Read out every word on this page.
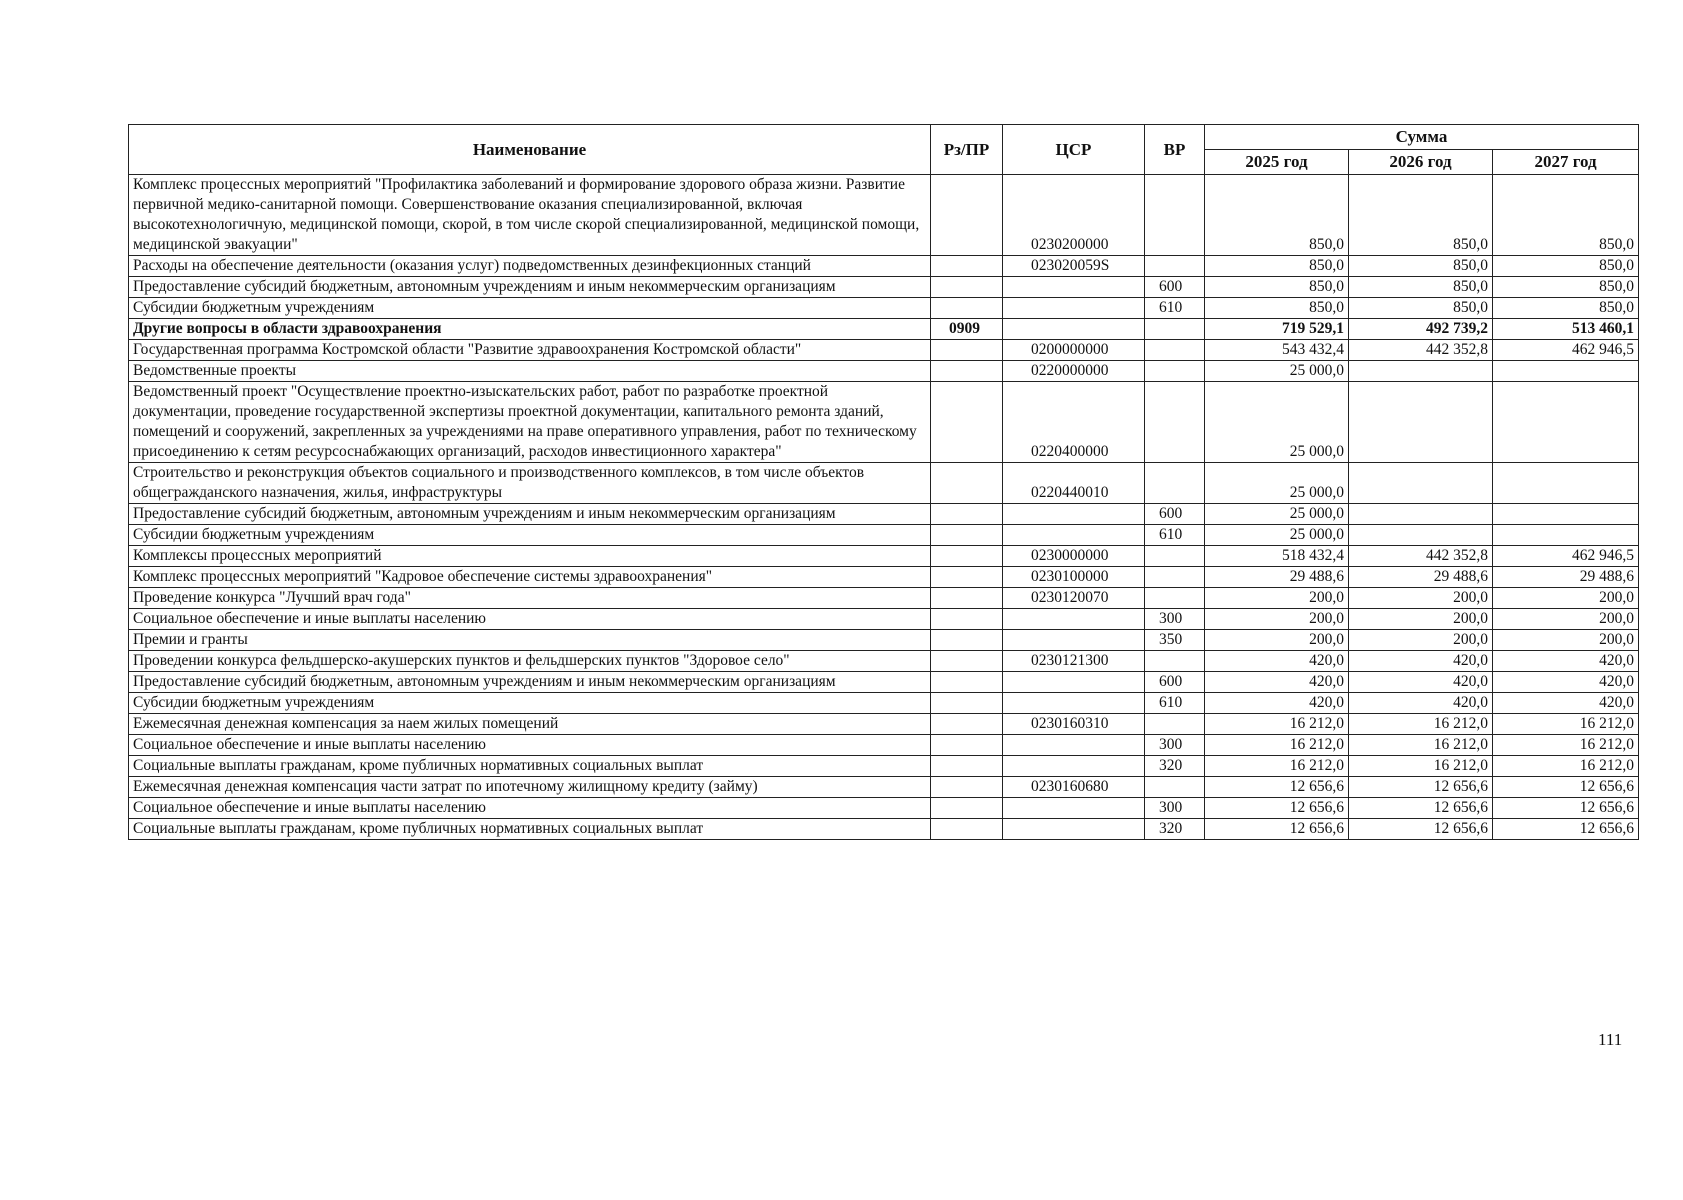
Наименование	Рз/ПР	ЦСР	ВР	Сумма		
				2025 год	2026 год	2027 год
Комплекс процессных мероприятий "Профилактика заболеваний и формирование здорового образа жизни. Развитие первичной медико-санитарной помощи. Совершенствование оказания специализированной, включая высокотехнологичную, медицинской помощи, скорой, в том числе скорой специализированной, медицинской помощи, медицинской эвакуации"		0230200000		850,0	850,0	850,0
Расходы на обеспечение деятельности (оказания услуг) подведомственных дезинфекционных станций		023020059S		850,0	850,0	850,0
Предоставление субсидий бюджетным, автономным учреждениям и иным некоммерческим организациям			600	850,0	850,0	850,0
Субсидии бюджетным учреждениям			610	850,0	850,0	850,0
Другие вопросы в области здравоохранения	0909			719 529,1	492 739,2	513 460,1
Государственная программа Костромской области "Развитие здравоохранения Костромской области"		0200000000		543 432,4	442 352,8	462 946,5
Ведомственные проекты		0220000000		25 000,0		
Ведомственный проект "Осуществление проектно-изыскательских работ, работ по разработке проектной документации, проведение государственной экспертизы проектной документации, капитального ремонта зданий, помещений и сооружений, закрепленных за учреждениями на праве оперативного управления, работ по техническому присоединению к сетям ресурсоснабжающих организаций, расходов инвестиционного характера"		0220400000		25 000,0		
Строительство и реконструкция объектов социального и производственного комплексов, в том числе объектов общегражданского назначения, жилья, инфраструктуры		0220440010		25 000,0		
Предоставление субсидий бюджетным, автономным учреждениям и иным некоммерческим организациям			600	25 000,0		
Субсидии бюджетным учреждениям			610	25 000,0		
Комплексы процессных мероприятий		0230000000		518 432,4	442 352,8	462 946,5
Комплекс процессных мероприятий "Кадровое обеспечение системы здравоохранения"		0230100000		29 488,6	29 488,6	29 488,6
Проведение конкурса "Лучший врач года"		0230120070		200,0	200,0	200,0
Социальное обеспечение и иные выплаты населению			300	200,0	200,0	200,0
Премии и гранты			350	200,0	200,0	200,0
Проведении конкурса фельдшерско-акушерских пунктов и фельдшерских пунктов "Здоровое село"		0230121300		420,0	420,0	420,0
Предоставление субсидий бюджетным, автономным учреждениям и иным некоммерческим организациям			600	420,0	420,0	420,0
Субсидии бюджетным учреждениям			610	420,0	420,0	420,0
Ежемесячная денежная компенсация за наем жилых помещений		0230160310		16 212,0	16 212,0	16 212,0
Социальное обеспечение и иные выплаты населению			300	16 212,0	16 212,0	16 212,0
Социальные выплаты гражданам, кроме публичных нормативных социальных выплат			320	16 212,0	16 212,0	16 212,0
Ежемесячная денежная компенсация части затрат по ипотечному жилищному кредиту (займу)		0230160680		12 656,6	12 656,6	12 656,6
Социальное обеспечение и иные выплаты населению			300	12 656,6	12 656,6	12 656,6
Социальные выплаты гражданам, кроме публичных нормативных социальных выплат			320	12 656,6	12 656,6	12 656,6
111
